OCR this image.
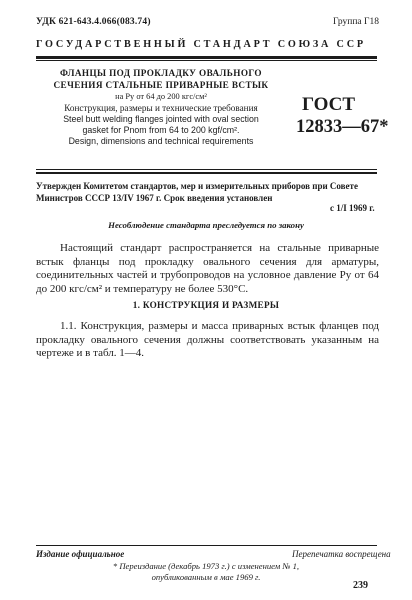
УДК 621-643.4.066(083.74)	Группа Г18
ГОСУДАРСТВЕННЫЙ СТАНДАРТ СОЮЗА ССР
ФЛАНЦЫ ПОД ПРОКЛАДКУ ОВАЛЬНОГО
СЕЧЕНИЯ СТАЛЬНЫЕ ПРИВАРНЫЕ ВСТЫК
на Pу от 64 до 200 кгс/см²
Конструкция, размеры и технические требования
Steel butt welding flanges jointed with oval section
gasket for Pnom from 64 to 200 kgf/cm².
Design, dimensions and technical requirements
ГОСТ
12833—67*
Утвержден Комитетом стандартов, мер и измерительных приборов при Совете Министров СССР 13/IV 1967 г. Срок введения установлен
с 1/I 1969 г.
Несоблюдение стандарта преследуется по закону
Настоящий стандарт распространяется на стальные приварные встык фланцы под прокладку овального сечения для арматуры, соединительных частей и трубопроводов на условное давление Pу от 64 до 200 кгс/см² и температуру не более 530°С.
1. КОНСТРУКЦИЯ И РАЗМЕРЫ
1.1. Конструкция, размеры и масса приварных встык фланцев под прокладку овального сечения должны соответствовать указанным на чертеже и в табл. 1—4.
Издание официальное	Перепечатка воспрещена
* Переиздание (декабрь 1973 г.) с изменением № 1,
опубликованным в мае 1969 г.
239
